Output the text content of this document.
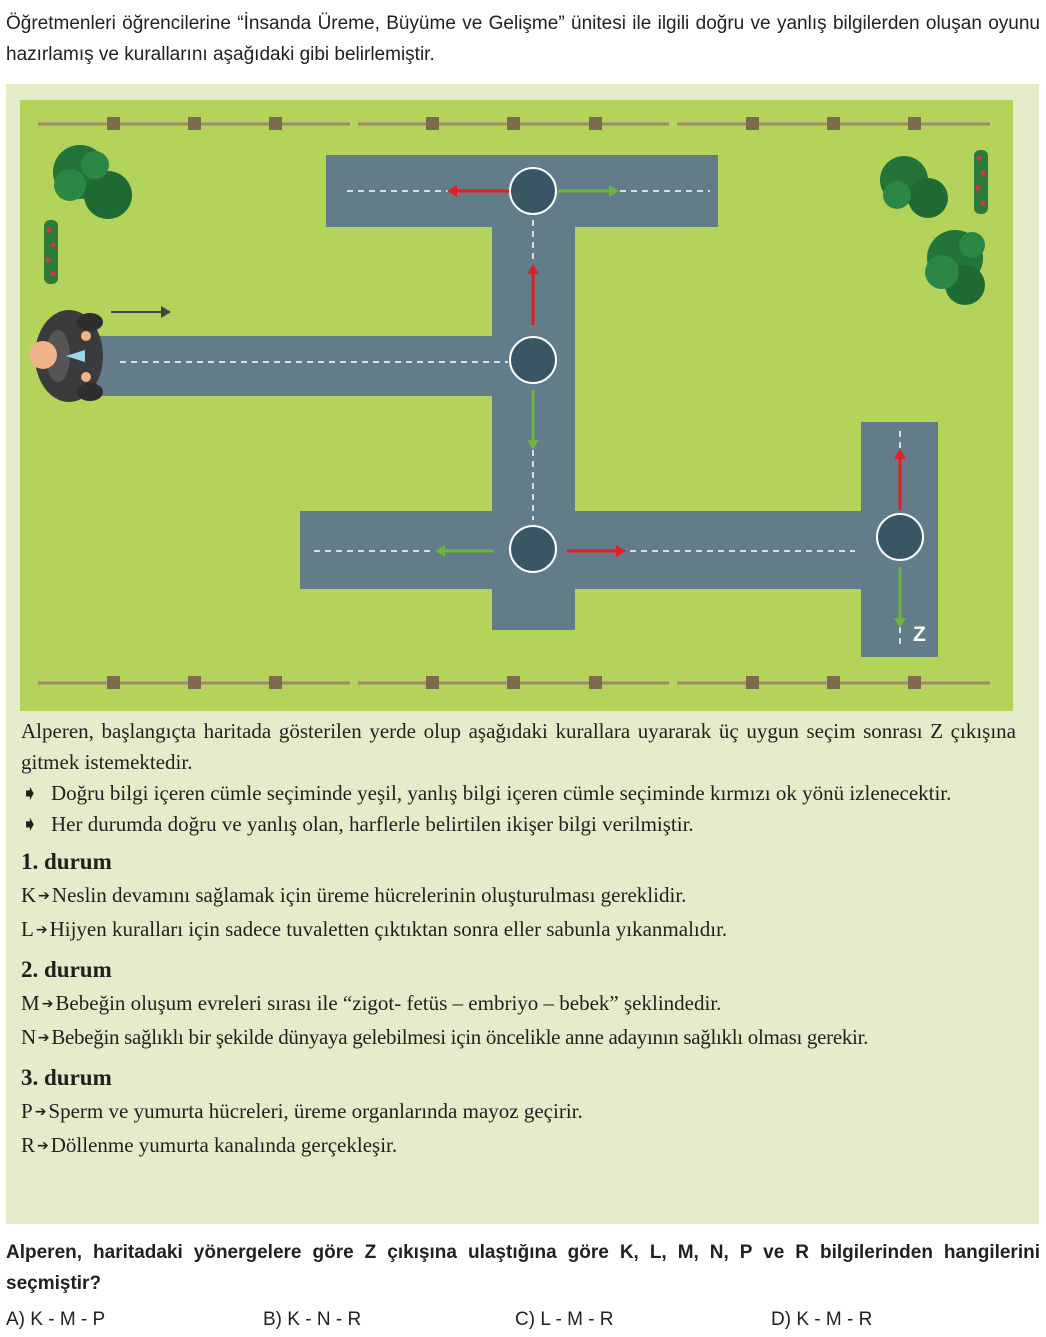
Öğretmenleri öğrencilerine “İnsanda Üreme, Büyüme ve Gelişme” ünitesi ile ilgili doğru ve yanlış bilgilerden oluşan oyunu hazırlamış ve kurallarını aşağıdaki gibi belirlemiştir.

Z

Alperen, başlangıçta haritada gösterilen yerde olup aşağıdaki kurallara uyararak üç uygun seçim sonrası Z çıkışına gitmek istemektedir.

➧ Doğru bilgi içeren cümle seçiminde yeşil, yanlış bilgi içeren cümle seçiminde kırmızı ok yönü izlenecektir.
➧ Her durumda doğru ve yanlış olan, harflerle belirtilen ikişer bilgi verilmiştir.
1. durum
K ➔Neslin devamını sağlamak için üreme hücrelerinin oluşturulması gereklidir.
L ➔Hijyen kuralları için sadece tuvaletten çıktıktan sonra eller sabunla yıkanmalıdır.
2. durum
M ➔Bebeğin oluşum evreleri sırası ile “zigot- fetüs – embriyo – bebek” şeklindedir.
N ➔Bebeğin sağlıklı bir şekilde dünyaya gelebilmesi için öncelikle anne adayının sağlıklı olması gerekir.
3. durum
P ➔Sperm ve yumurta hücreleri, üreme organlarında mayoz geçirir.
R ➔Döllenme yumurta kanalında gerçekleşir.

Alperen, haritadaki yönergelere göre Z çıkışına ulaştığına göre K, L, M, N, P ve R bilgilerinden hangilerini seçmiştir?

A) K - M - P	B) K - N - R	C) L - M - R	D) K - M - R
